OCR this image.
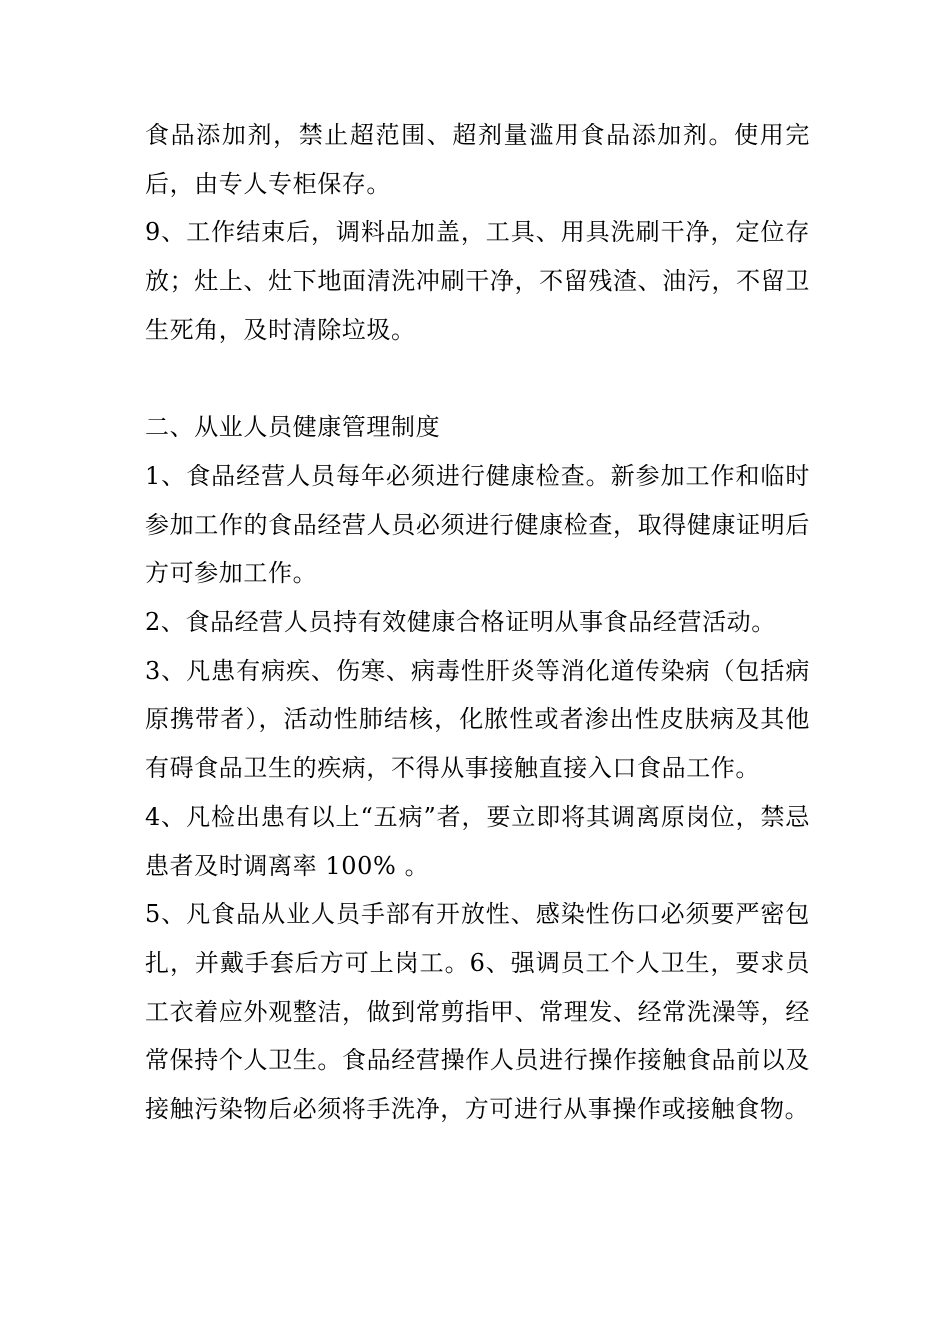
食品添加剂，禁止超范围、超剂量滥用食品添加剂。使用完后，由专人专柜保存。

9、工作结束后，调料品加盖，工具、用具洗刷干净，定位存放；灶上、灶下地面清洗冲刷干净，不留残渣、油污，不留卫生死角，及时清除垃圾。

二、从业人员健康管理制度

1、食品经营人员每年必须进行健康检查。新参加工作和临时参加工作的食品经营人员必须进行健康检查，取得健康证明后方可参加工作。

2、食品经营人员持有效健康合格证明从事食品经营活动。

3、凡患有病疾、伤寒、病毒性肝炎等消化道传染病（包括病原携带者），活动性肺结核，化脓性或者渗出性皮肤病及其他有碍食品卫生的疾病，不得从事接触直接入口食品工作。

4、凡检出患有以上“五病”者，要立即将其调离原岗位，禁忌患者及时调离率 100% 。

5、凡食品从业人员手部有开放性、感染性伤口必须要严密包扎，并戴手套后方可上岗工。6、强调员工个人卫生，要求员工衣着应外观整洁，做到常剪指甲、常理发、经常洗澡等，经常保持个人卫生。食品经营操作人员进行操作接触食品前以及接触污染物后必须将手洗净，方可进行从事操作或接触食物。
